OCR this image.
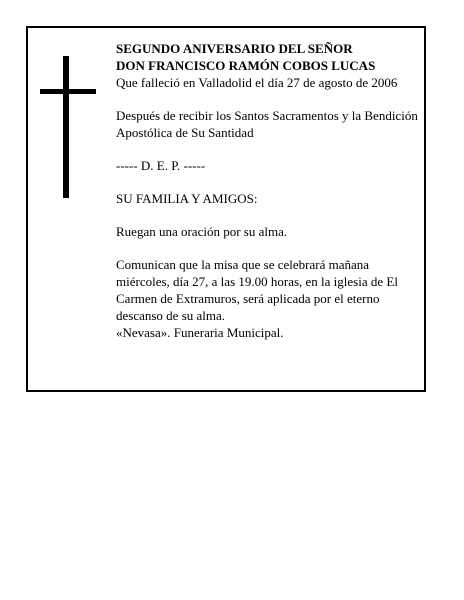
SEGUNDO ANIVERSARIO DEL SEÑOR

DON FRANCISCO RAMÓN COBOS LUCAS

Que falleció en Valladolid el día 27 de agosto de 2006

Después de recibir los Santos Sacramentos y la Bendición Apostólica de Su Santidad

----- D. E. P. -----

SU FAMILIA Y AMIGOS:

Ruegan una oración por su alma.

Comunican que la misa que se celebrará mañana miércoles, día 27, a las 19.00 horas, en la iglesia de El Carmen de Extramuros, será aplicada por el eterno descanso de su alma.

«Nevasa». Funeraria Municipal.
